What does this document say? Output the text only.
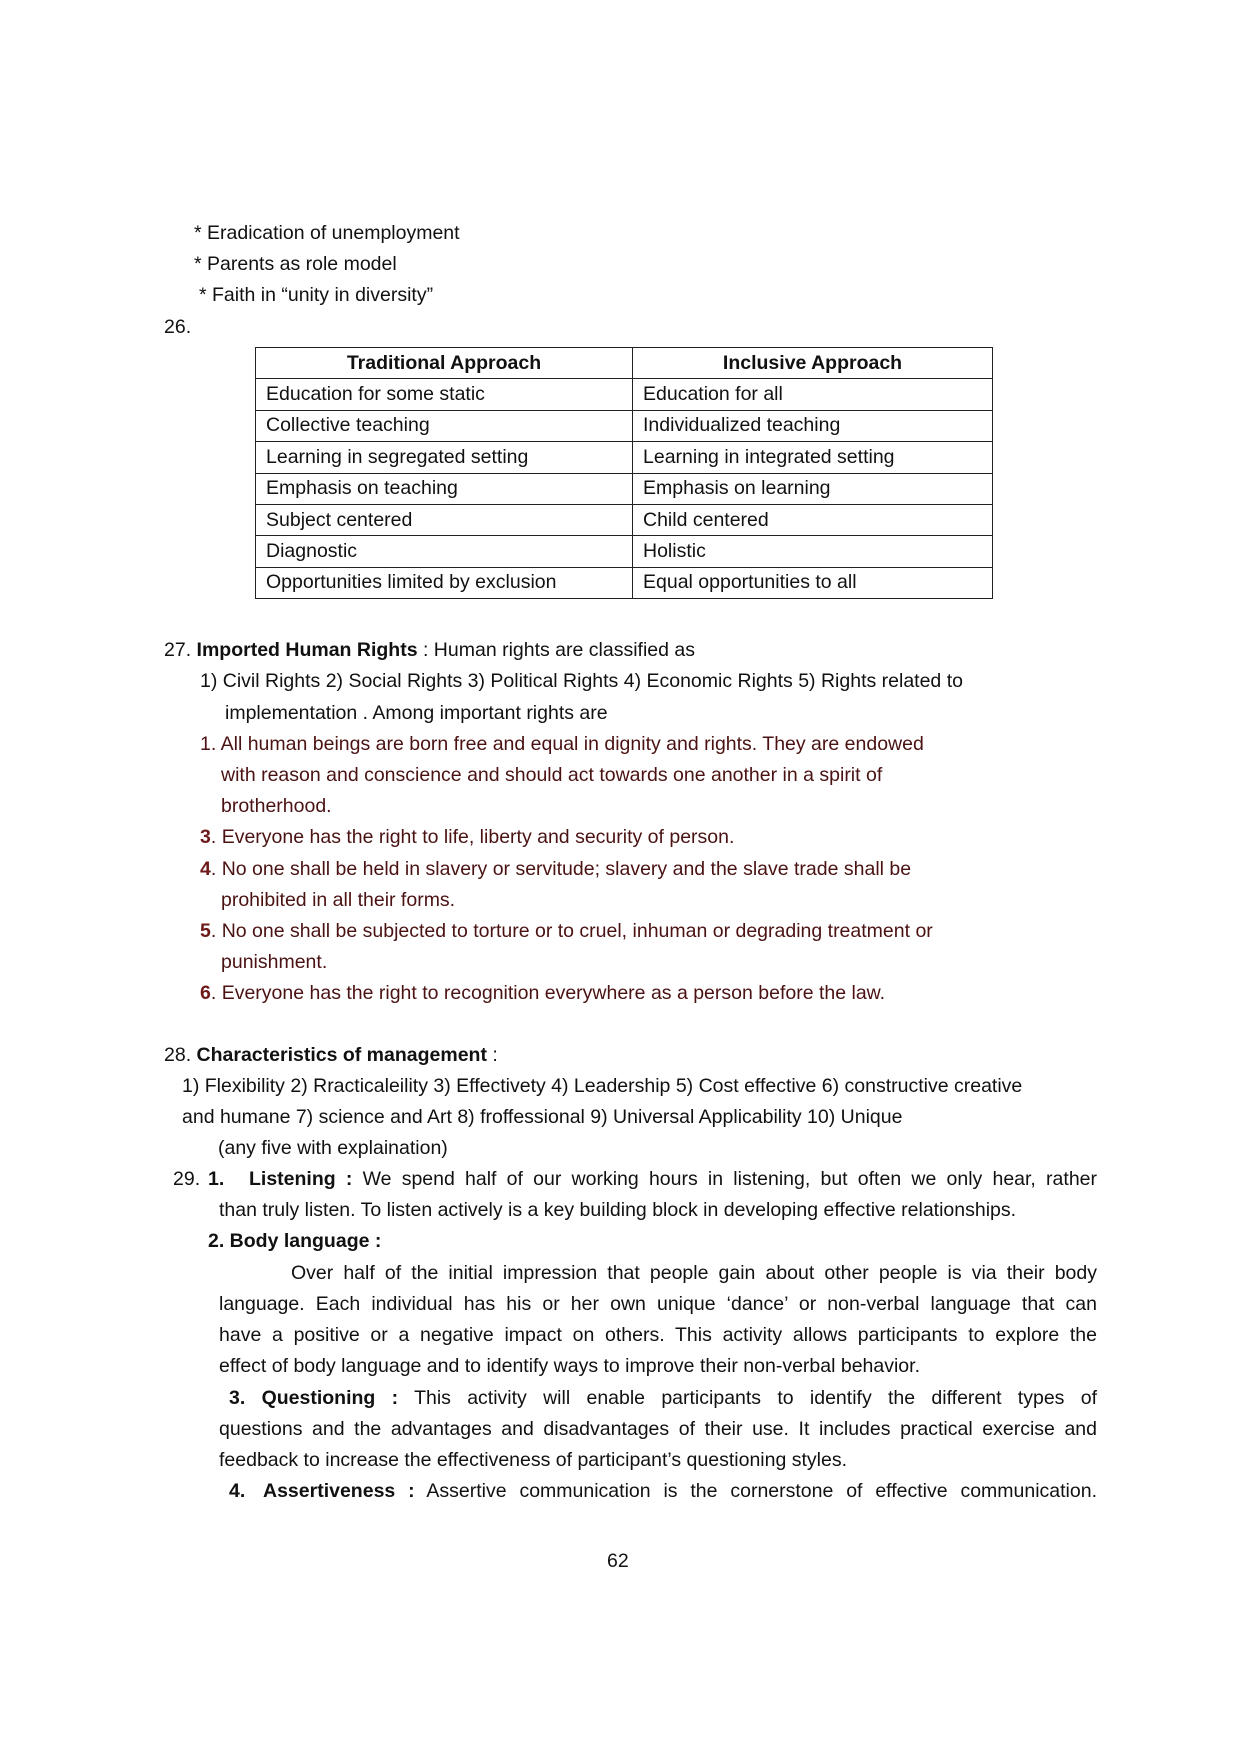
* Eradication of unemployment
* Parents as role model
* Faith in “unity in diversity”
26.
Traditional Approach	Inclusive Approach
Education for some static	Education for all
Collective teaching	Individualized teaching
Learning in segregated setting	Learning in integrated setting
Emphasis on teaching	Emphasis on learning
Subject centered	Child centered
Diagnostic	Holistic
Opportunities limited by exclusion	Equal opportunities to all
27. Imported Human Rights : Human rights are classified as
1) Civil Rights 2) Social Rights 3) Political Rights 4) Economic Rights 5) Rights related to
implementation . Among important rights are
1. All human beings are born free and equal in dignity and rights. They are endowed
with reason and conscience and should act towards one another in a spirit of
brotherhood.
3. Everyone has the right to life, liberty and security of person.
4. No one shall be held in slavery or servitude; slavery and the slave trade shall be
prohibited in all their forms.
5. No one shall be subjected to torture or to cruel, inhuman or degrading treatment or
punishment.
6. Everyone has the right to recognition everywhere as a person before the law.
28. Characteristics of management :
1) Flexibility 2) Rracticaleility 3) Effectivety 4) Leadership 5) Cost effective 6) constructive creative
and humane 7) science and Art 8) froffessional 9) Universal Applicability 10) Unique
(any five with explaination)
29. 1. Listening : We spend half of our working hours in listening, but often we only hear, rather
than truly listen. To listen actively is a key building block in developing effective relationships.
2. Body language :
Over half of the initial impression that people gain about other people is via their body
language. Each individual has his or her own unique ‘dance’ or non-verbal language that can
have a positive or a negative impact on others. This activity allows participants to explore the
effect of body language and to identify ways to improve their non-verbal behavior.
3. Questioning : This activity will enable participants to identify the different types of
questions and the advantages and disadvantages of their use. It includes practical exercise and
feedback to increase the effectiveness of participant’s questioning styles.
4. Assertiveness : Assertive communication is the cornerstone of effective communication.
62
